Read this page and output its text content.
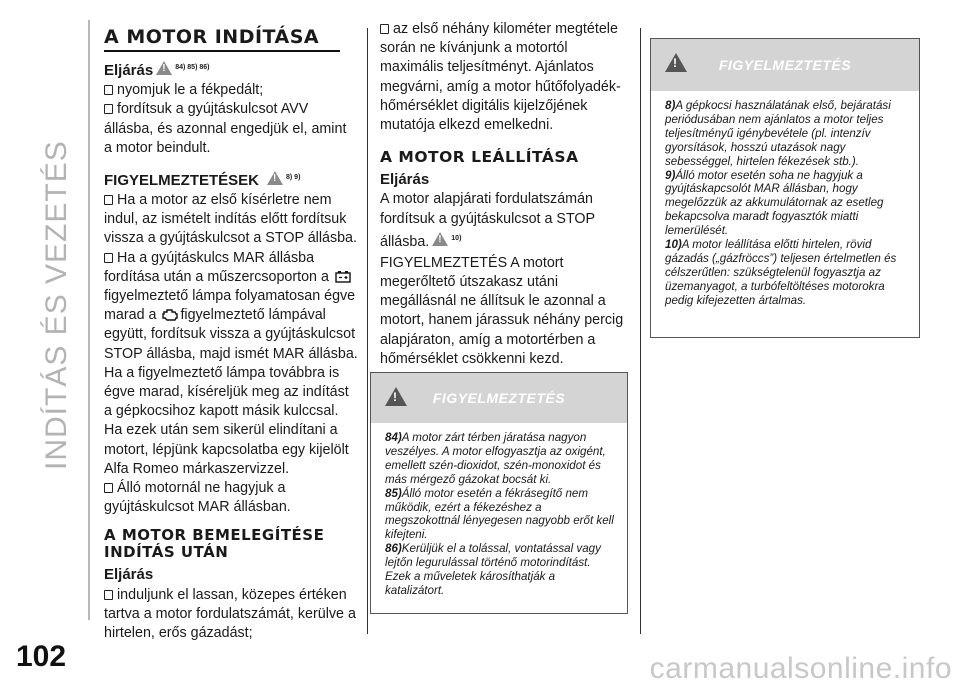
INDÍTÁS ÉS VEZETÉS
102
A MOTOR INDÍTÁSA

Eljárás !	$^{84) 85) 86)}$

nyomjuk le a fékpedált;

fordítsuk a gyújtáskulcsot AVV állásba, és azonnal engedjük el, amint a motor beindult.

FIGYELMEZTETÉSEK !	$^{8) 9)}$

Ha a motor az első kísérletre nem indul, az ismételt indítás előtt fordítsuk vissza a gyújtáskulcsot a STOP állásba.

Ha a gyújtáskulcs MAR állásba fordítása után a műszercsoporton a figyelmeztető lámpa folyamatosan égve marad a figyelmeztető lámpával együtt, fordítsuk vissza a gyújtáskulcsot STOP állásba, majd ismét MAR állásba. Ha a figyelmeztető lámpa továbbra is égve marad, kíséreljük meg az indítást a gépkocsihoz kapott másik kulccsal. Ha ezek után sem sikerül elindítani a motort, lépjünk kapcsolatba egy kijelölt Alfa Romeo márkaszervizzel.

Álló motornál ne hagyjuk a gyújtáskulcsot MAR állásban.

A MOTOR BEMELEGÍTÉSE INDÍTÁS UTÁN

Eljárás

induljunk el lassan, közepes értéken tartva a motor fordulatszámát, kerülve a hirtelen, erős gázadást;

az első néhány kilométer megtétele során ne kívánjunk a motortól maximális teljesítményt. Ajánlatos megvárni, amíg a motor hűtőfolyadék-hőmérséklet digitális kijelzőjének mutatója elkezd emelkedni.

A MOTOR LEÁLLÍTÁSA

Eljárás

A motor alapjárati fordulatszámán fordítsuk a gyújtáskulcsot a STOP állásba. !	$^{10)}$

FIGYELMEZTETÉS A motort megerőltető útszakasz utáni megállásnál ne állítsuk le azonnal a motort, hanem járassuk néhány percig alapjáraton, amíg a motortérben a hőmérséklet csökkenni kezd.

!
FIGYELMEZTETÉS

84)A motor zárt térben járatása nagyon veszélyes. A motor elfogyasztja az oxigént, emellett szén-dioxidot, szén-monoxidot és más mérgező gázokat bocsát ki.

85)Álló motor esetén a fékrásegítő nem működik, ezért a fékezéshez a megszokottnál lényegesen nagyobb erőt kell kifejteni.

86)Kerüljük el a tolással, vontatással vagy lejtőn legurulással történő motorindítást. Ezek a műveletek károsíthatják a katalizátort.

!
FIGYELMEZTETÉS

8)A gépkocsi használatának első, bejáratási periódusában nem ajánlatos a motor teljes teljesítményű igénybevétele (pl. intenzív gyorsítások, hosszú utazások nagy sebességgel, hirtelen fékezések stb.).

9)Álló motor esetén soha ne hagyjuk a gyújtáskapcsolót MAR állásban, hogy megelőzzük az akkumulátornak az esetleg bekapcsolva maradt fogyasztók miatti lemerülését.

10)A motor leállítása előtti hirtelen, rövid gázadás („gázfröccs”) teljesen értelmetlen és célszerűtlen: szükségtelenül fogyasztja az üzemanyagot, a turbófeltöltéses motorokra pedig kifejezetten ártalmas.

carmanualsonline.info
